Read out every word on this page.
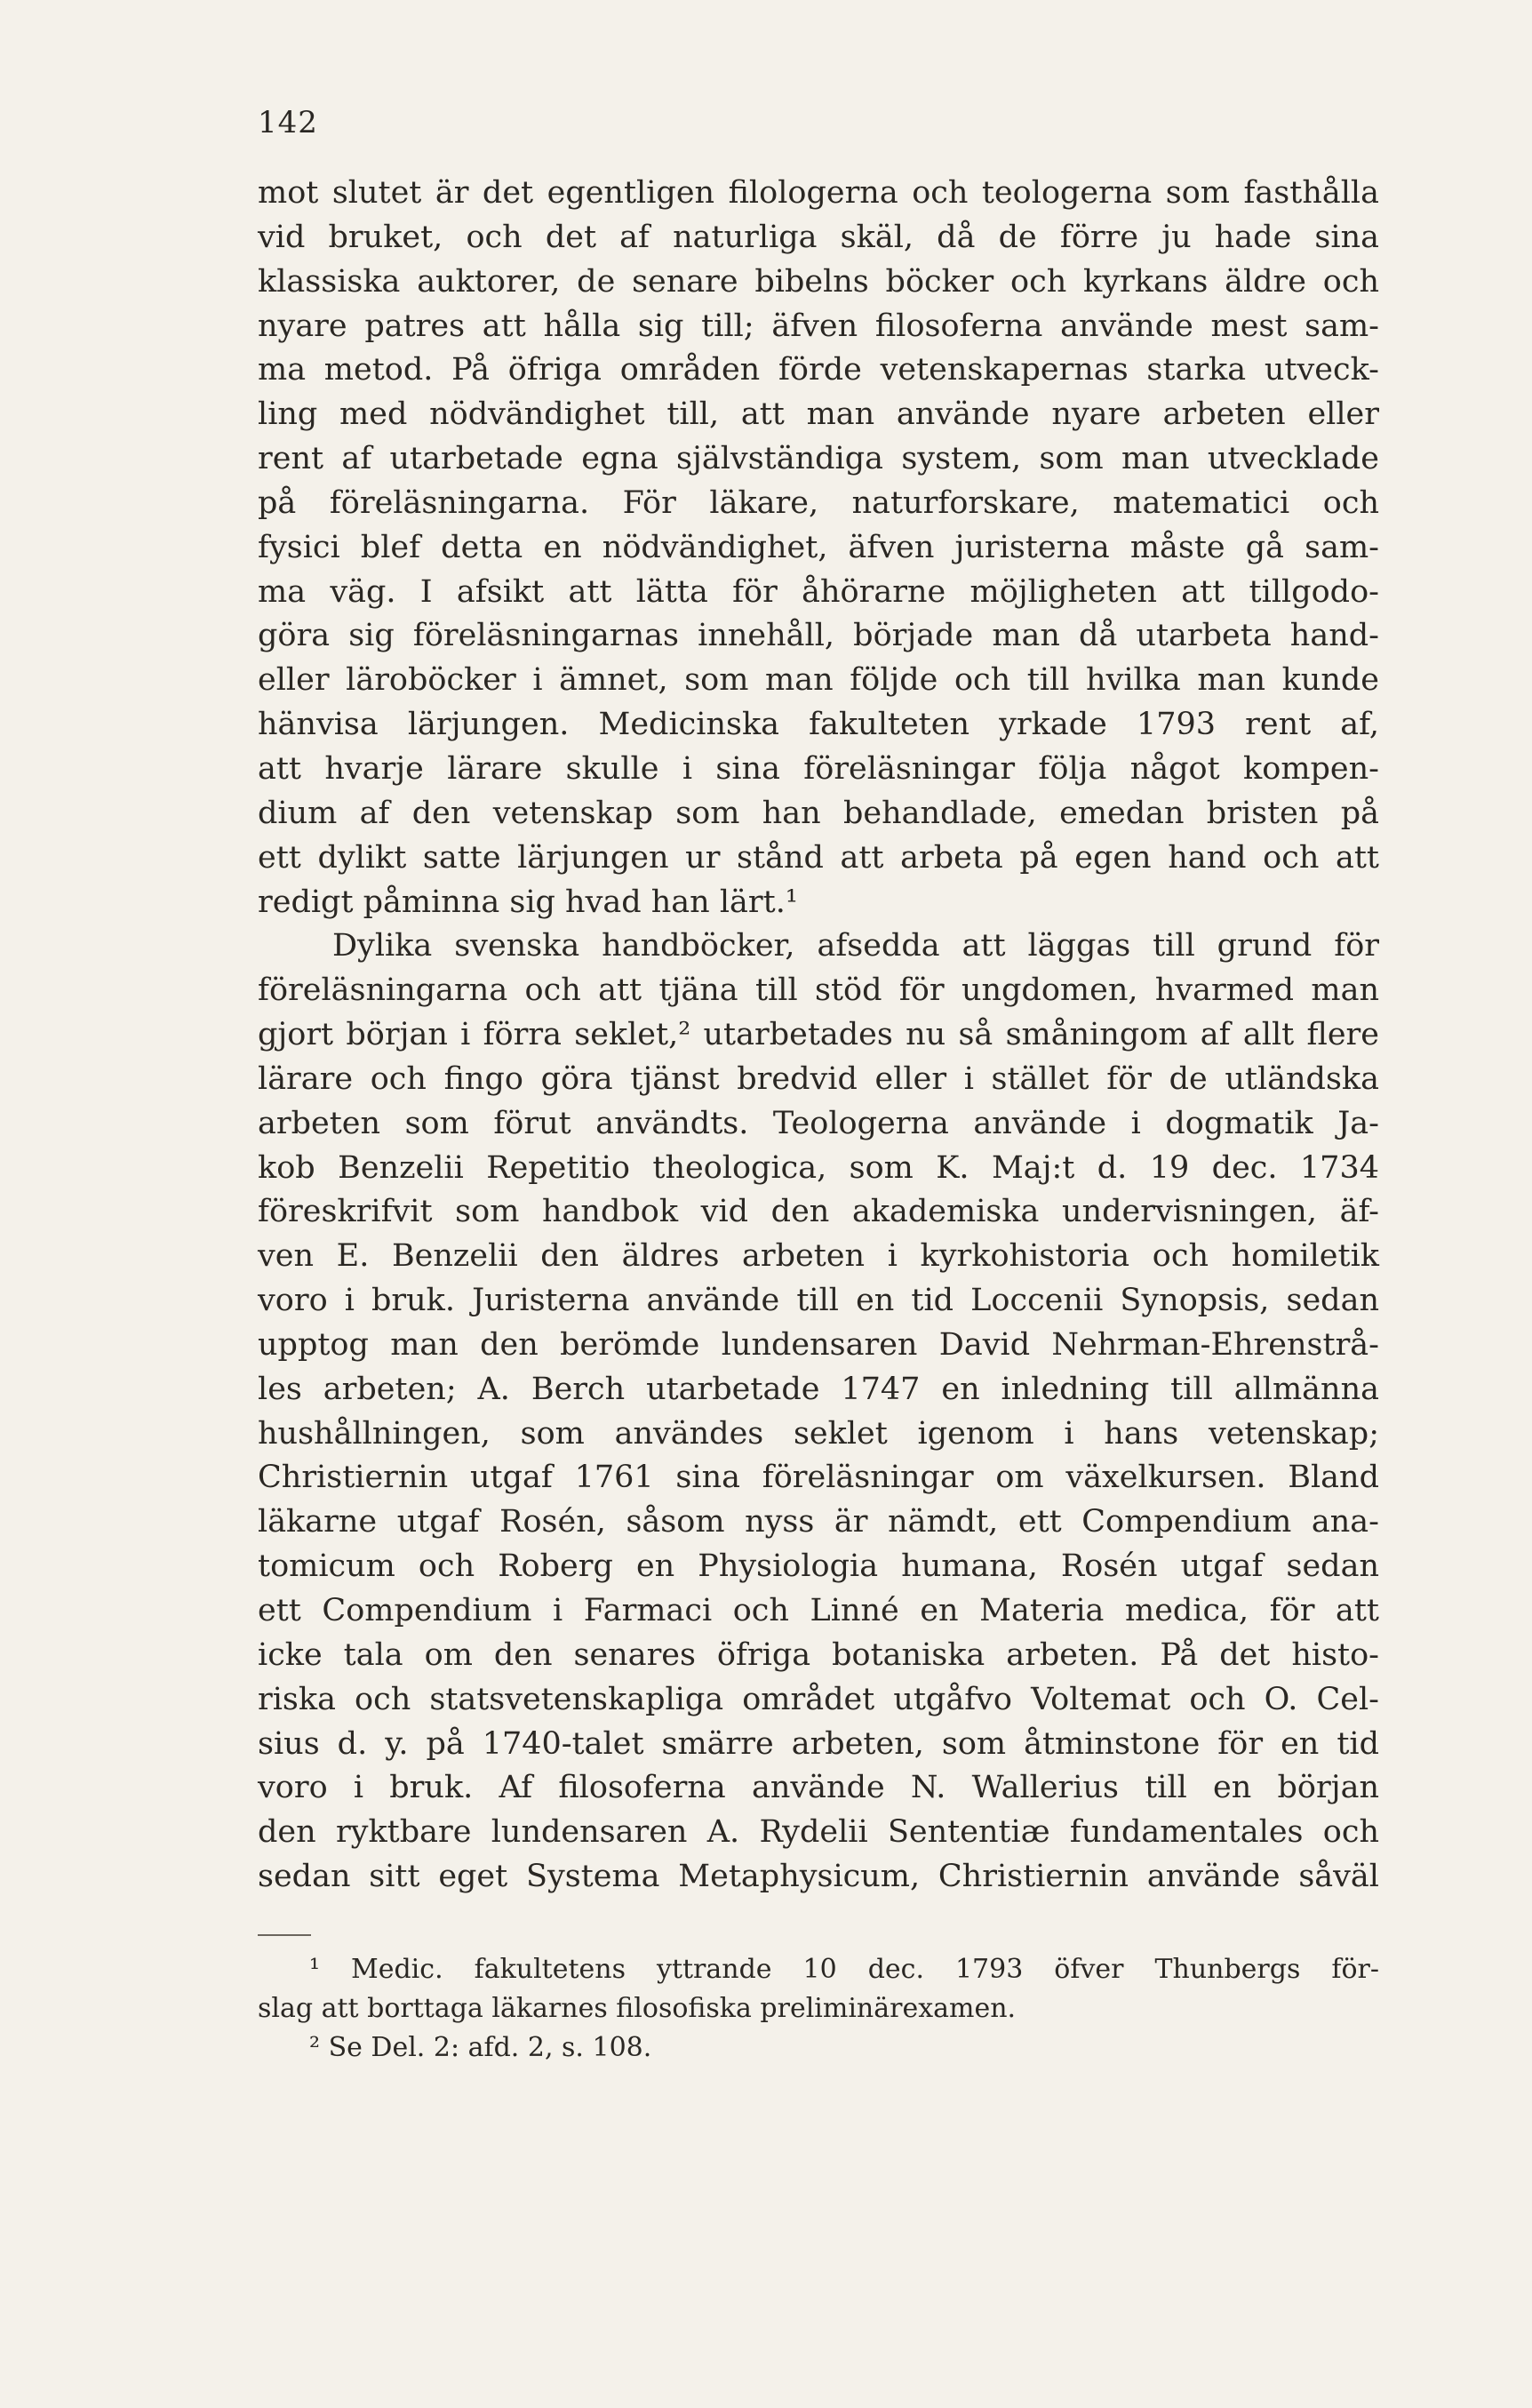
142
mot slutet är det egentligen filologerna och teologerna som fasthålla
vid bruket, och det af naturliga skäl, då de förre ju hade sina
klassiska auktorer, de senare bibelns böcker och kyrkans äldre och
nyare patres att hålla sig till; äfven filosoferna använde mest sam-
ma metod. På öfriga områden förde vetenskapernas starka utveck-
ling med nödvändighet till, att man använde nyare arbeten eller
rent af utarbetade egna självständiga system, som man utvecklade
på föreläsningarna. För läkare, naturforskare, matematici och
fysici blef detta en nödvändighet, äfven juristerna måste gå sam-
ma väg. I afsikt att lätta för åhörarne möjligheten att tillgodo-
göra sig föreläsningarnas innehåll, började man då utarbeta hand-
eller läroböcker i ämnet, som man följde och till hvilka man kunde
hänvisa lärjungen. Medicinska fakulteten yrkade 1793 rent af,
att hvarje lärare skulle i sina föreläsningar följa något kompen-
dium af den vetenskap som han behandlade, emedan bristen på
ett dylikt satte lärjungen ur stånd att arbeta på egen hand och att
redigt påminna sig hvad han lärt.¹
Dylika svenska handböcker, afsedda att läggas till grund för
föreläsningarna och att tjäna till stöd för ungdomen, hvarmed man
gjort början i förra seklet,² utarbetades nu så småningom af allt flere
lärare och fingo göra tjänst bredvid eller i stället för de utländska
arbeten som förut användts. Teologerna använde i dogmatik Ja-
kob Benzelii Repetitio theologica, som K. Maj:t d. 19 dec. 1734
föreskrifvit som handbok vid den akademiska undervisningen, äf-
ven E. Benzelii den äldres arbeten i kyrkohistoria och homiletik
voro i bruk. Juristerna använde till en tid Loccenii Synopsis, sedan
upptog man den berömde lundensaren David Nehrman-Ehrenstrå-
les arbeten; A. Berch utarbetade 1747 en inledning till allmänna
hushållningen, som användes seklet igenom i hans vetenskap;
Christiernin utgaf 1761 sina föreläsningar om växelkursen. Bland
läkarne utgaf Rosén, såsom nyss är nämdt, ett Compendium ana-
tomicum och Roberg en Physiologia humana, Rosén utgaf sedan
ett Compendium i Farmaci och Linné en Materia medica, för att
icke tala om den senares öfriga botaniska arbeten. På det histo-
riska och statsvetenskapliga området utgåfvo Voltemat och O. Cel-
sius d. y. på 1740-talet smärre arbeten, som åtminstone för en tid
voro i bruk. Af filosoferna använde N. Wallerius till en början
den ryktbare lundensaren A. Rydelii Sententiæ fundamentales och
sedan sitt eget Systema Metaphysicum, Christiernin använde såväl
¹ Medic. fakultetens yttrande 10 dec. 1793 öfver Thunbergs för-
slag att borttaga läkarnes filosofiska preliminärexamen.
² Se Del. 2: afd. 2, s. 108.
